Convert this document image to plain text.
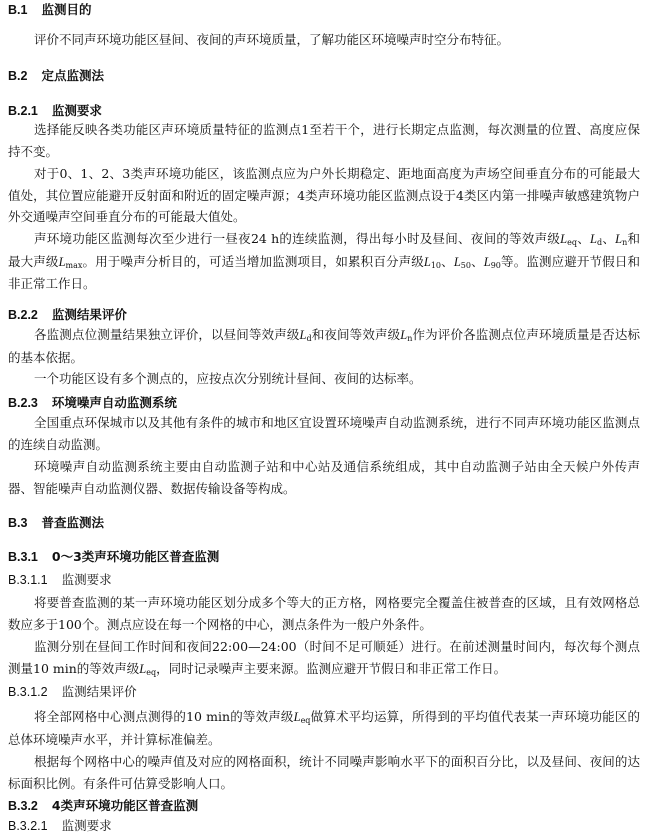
B.1 监测目的
评价不同声环境功能区昼间、夜间的声环境质量，了解功能区环境噪声时空分布特征。
B.2 定点监测法
B.2.1 监测要求
选择能反映各类功能区声环境质量特征的监测点1至若干个，进行长期定点监测，每次测量的位置、高度应保持不变。
对于0、1、2、3类声环境功能区，该监测点应为户外长期稳定、距地面高度为声场空间垂直分布的可能最大值处，其位置应能避开反射面和附近的固定噪声源；4类声环境功能区监测点设于4类区内第一排噪声敏感建筑物户外交通噪声空间垂直分布的可能最大值处。
声环境功能区监测每次至少进行一昼夜24 h的连续监测，得出每小时及昼间、夜间的等效声级$L_{eq}$、$L_d$、$L_n$和最大声级$L_{max}$。用于噪声分析目的，可适当增加监测项目，如累积百分声级$L_{10}$、$L_{50}$、$L_{90}$等。监测应避开节假日和非正常工作日。
B.2.2 监测结果评价
各监测点位测量结果独立评价，以昼间等效声级$L_d$和夜间等效声级$L_n$作为评价各监测点位声环境质量是否达标的基本依据。
一个功能区设有多个测点的，应按点次分别统计昼间、夜间的达标率。
B.2.3 环境噪声自动监测系统
全国重点环保城市以及其他有条件的城市和地区宜设置环境噪声自动监测系统，进行不同声环境功能区监测点的连续自动监测。
环境噪声自动监测系统主要由自动监测子站和中心站及通信系统组成，其中自动监测子站由全天候户外传声器、智能噪声自动监测仪器、数据传输设备等构成。
B.3 普查监测法
B.3.1 0～3类声环境功能区普查监测
B.3.1.1 监测要求
将要普查监测的某一声环境功能区划分成多个等大的正方格，网格要完全覆盖住被普查的区域，且有效网格总数应多于100个。测点应设在每一个网格的中心，测点条件为一般户外条件。
监测分别在昼间工作时间和夜间22:00—24:00（时间不足可顺延）进行。在前述测量时间内，每次每个测点测量10 min的等效声级$L_{eq}$，同时记录噪声主要来源。监测应避开节假日和非正常工作日。
B.3.1.2 监测结果评价
将全部网格中心测点测得的10 min的等效声级$L_{eq}$做算术平均运算，所得到的平均值代表某一声环境功能区的总体环境噪声水平，并计算标准偏差。
根据每个网格中心的噪声值及对应的网格面积，统计不同噪声影响水平下的面积百分比，以及昼间、夜间的达标面积比例。有条件可估算受影响人口。
B.3.2 4类声环境功能区普查监测
B.3.2.1 监测要求
